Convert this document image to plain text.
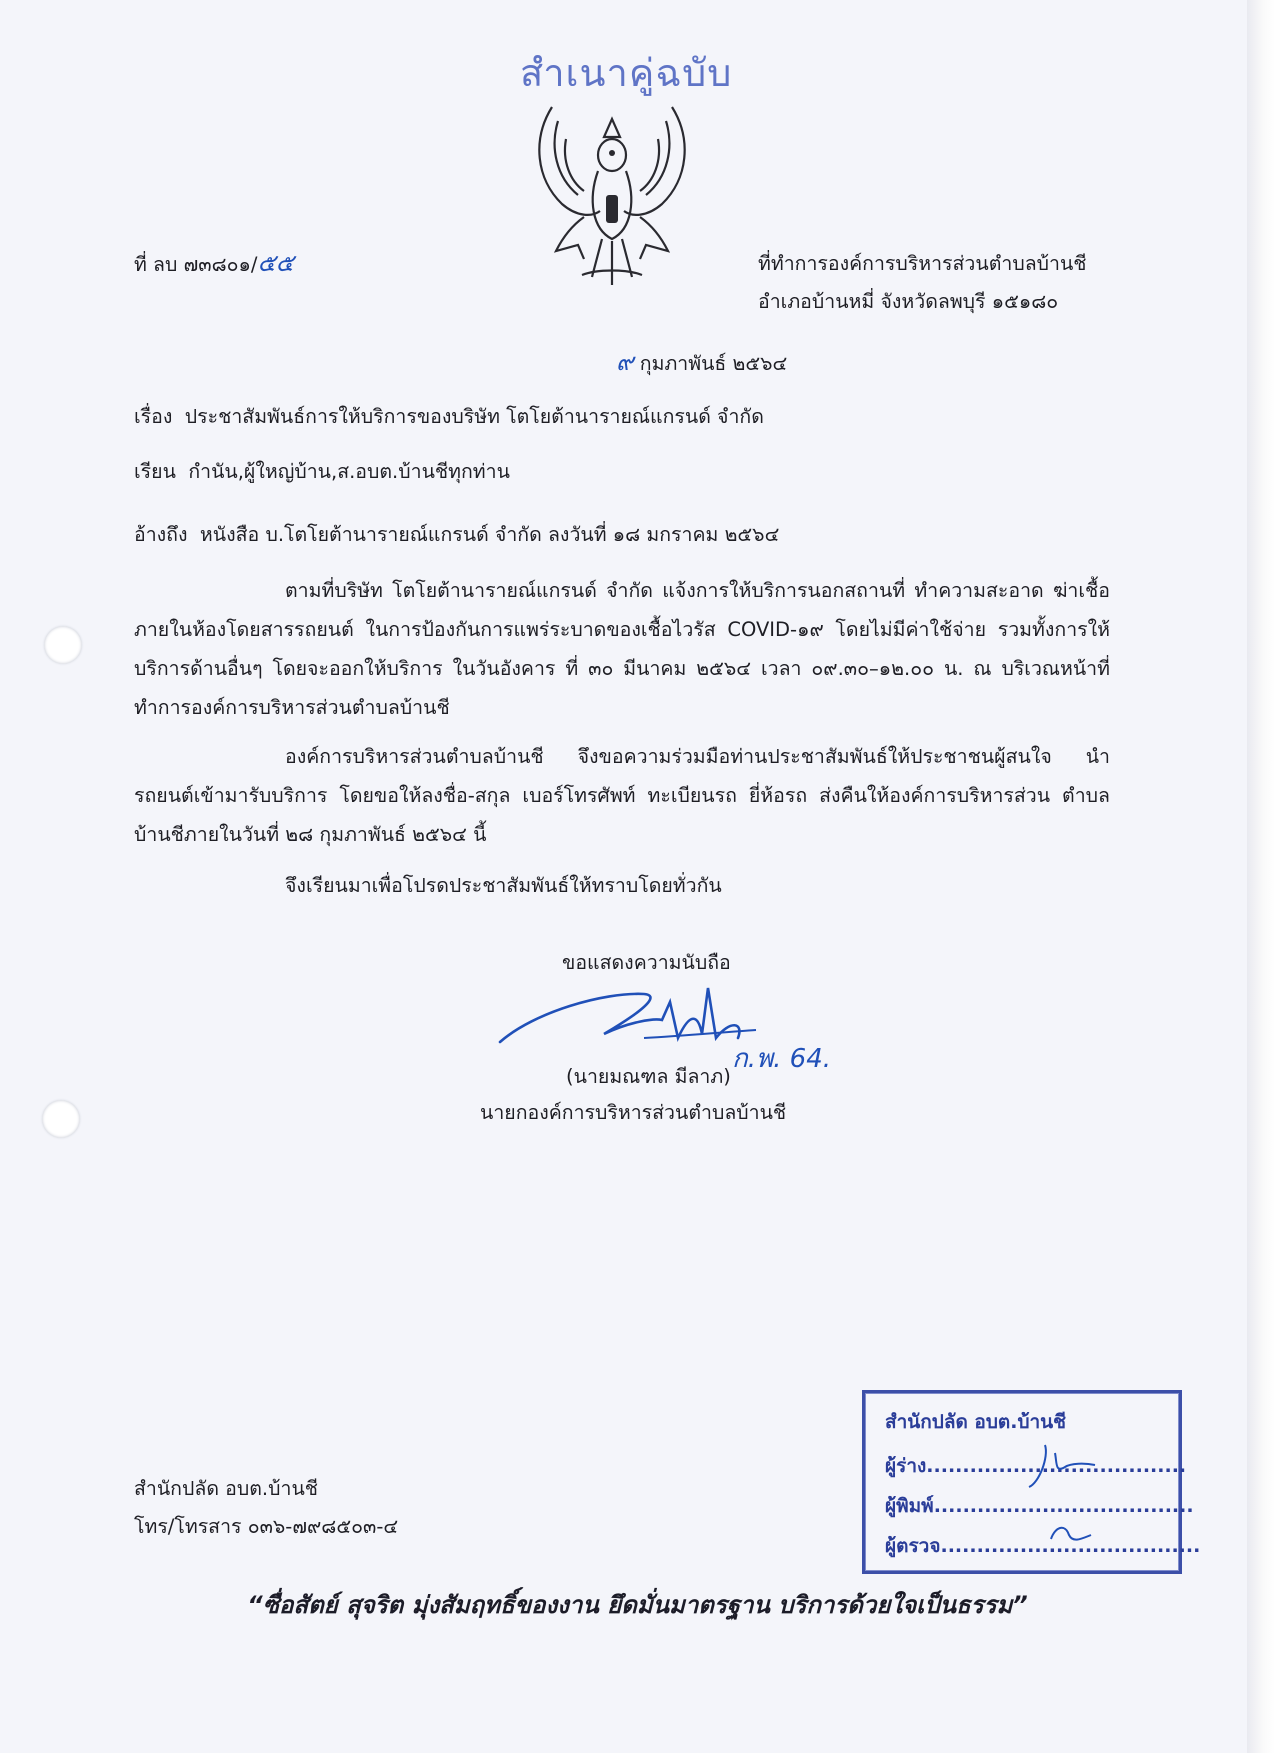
สำเนาคู่ฉบับ
ที่ ลบ ๗๓๘๐๑/๕๕	ที่ทำการองค์การบริหารส่วนตำบลบ้านชี
อำเภอบ้านหมี่ จังหวัดลพบุรี ๑๕๑๘๐
๙ กุมภาพันธ์ ๒๕๖๔
เรื่อง ประชาสัมพันธ์การให้บริการของบริษัท โตโยต้านารายณ์แกรนด์ จำกัด
เรียน กำนัน,ผู้ใหญ่บ้าน,ส.อบต.บ้านชีทุกท่าน
อ้างถึง หนังสือ บ.โตโยต้านารายณ์แกรนด์ จำกัด ลงวันที่ ๑๘ มกราคม ๒๕๖๔
ตามที่บริษัท โตโยต้านารายณ์แกรนด์ จำกัด แจ้งการให้บริการนอกสถานที่ ทำความสะอาด ฆ่าเชื้อภายในห้องโดยสารรถยนต์ ในการป้องกันการแพร่ระบาดของเชื้อไวรัส COVID-๑๙ โดยไม่มีค่าใช้จ่าย รวมทั้งการให้บริการด้านอื่นๆ โดยจะออกให้บริการ ในวันอังคาร ที่ ๓๐ มีนาคม ๒๕๖๔ เวลา ๐๙.๓๐–๑๒.๐๐ น. ณ บริเวณหน้าที่ทำการองค์การบริหารส่วนตำบลบ้านชี
องค์การบริหารส่วนตำบลบ้านชี จึงขอความร่วมมือท่านประชาสัมพันธ์ให้ประชาชนผู้สนใจ นำรถยนต์เข้ามารับบริการ โดยขอให้ลงชื่อ-สกุล เบอร์โทรศัพท์ ทะเบียนรถ ยี่ห้อรถ ส่งคืนให้องค์การบริหารส่วน ตำบลบ้านชีภายในวันที่ ๒๘ กุมภาพันธ์ ๒๕๖๔ นี้
จึงเรียนมาเพื่อโปรดประชาสัมพันธ์ให้ทราบโดยทั่วกัน
ขอแสดงความนับถือ
ก.พ. 64.
(นายมณฑล มีลาภ)
นายกองค์การบริหารส่วนตำบลบ้านชี
สำนักปลัด อบต.บ้านชี
โทร/โทรสาร ๐๓๖-๗๙๘๕๐๓-๔
สำนักปลัด อบต.บ้านชี
ผู้ร่าง....................................
ผู้พิมพ์....................................
ผู้ตรวจ....................................
“ซื่อสัตย์ สุจริต มุ่งสัมฤทธิ์ของงาน ยึดมั่นมาตรฐาน บริการด้วยใจเป็นธรรม”
